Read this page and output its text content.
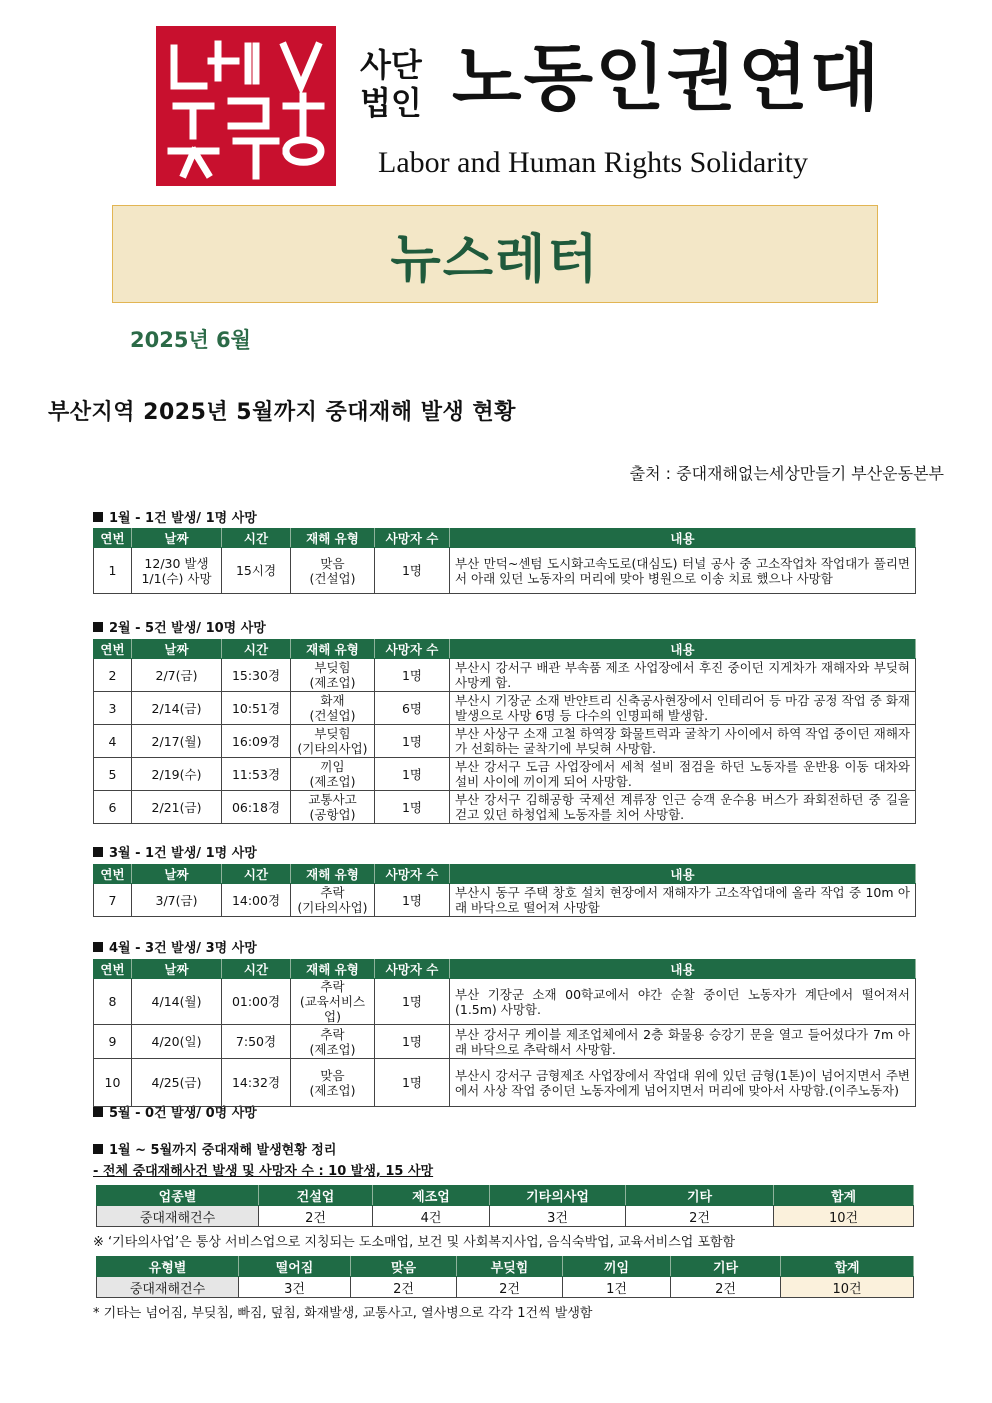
사단법인 노동인권연대
Labor and Human Rights Solidarity
뉴스레터
2025년 6월
부산지역 2025년 5월까지 중대재해 발생 현황
출처 : 중대재해없는세상만들기 부산운동본부
1월 - 1건 발생/ 1명 사망
2월 - 5건 발생/ 10명 사망
3월 - 1건 발생/ 1명 사망
4월 - 3건 발생/ 3명 사망
5월 - 0건 발생/ 0명 사망
연번	날짜	시간	재해 유형	사망자 수	내용
1	12/30 발생
1/1(수) 사망	15시경	맞음
(건설업)	1명	부산 만덕~센텀 도시화고속도로(대심도) 터널 공사 중 고소작업차 작업대가 풀리면서 아래 있던 노동자의 머리에 맞아 병원으로 이송 치료 했으나 사망함
연번	날짜	시간	재해 유형	사망자 수	내용
2	2/7(금)	15:30경	부딪힘
(제조업)	1명	부산시 강서구 배관 부속품 제조 사업장에서 후진 중이던 지게차가 재해자와 부딪혀 사망케 함.
3	2/14(금)	10:51경	화재
(건설업)	6명	부산시 기장군 소재 반얀트리 신축공사현장에서 인테리어 등 마감 공정 작업 중 화재 발생으로 사망 6명 등 다수의 인명피해 발생함.
4	2/17(월)	16:09경	부딪힘
(기타의사업)	1명	부산 사상구 소재 고철 하역장 화물트럭과 굴착기 사이에서 하역 작업 중이던 재해자가 선회하는 굴착기에 부딪혀 사망함.
5	2/19(수)	11:53경	끼임
(제조업)	1명	부산 강서구 도금 사업장에서 세척 설비 점검을 하던 노동자를 운반용 이동 대차와 설비 사이에 끼이게 되어 사망함.
6	2/21(금)	06:18경	교통사고
(공항업)	1명	부산 강서구 김해공항 국제선 계류장 인근 승객 운수용 버스가 좌회전하던 중 길을 걷고 있던 하청업체 노동자를 치어 사망함.
연번	날짜	시간	재해 유형	사망자 수	내용
7	3/7(금)	14:00경	추락
(기타의사업)	1명	부산시 동구 주택 창호 설치 현장에서 재해자가 고소작업대에 올라 작업 중 10m 아래 바닥으로 떨어져 사망함
연번	날짜	시간	재해 유형	사망자 수	내용
8	4/14(월)	01:00경	추락
(교육서비스업)	1명	부산 기장군 소재 00학교에서 야간 순찰 중이던 노동자가 계단에서 떨어져서(1.5m) 사망함.
9	4/20(일)	7:50경	추락
(제조업)	1명	부산 강서구 케이블 제조업체에서 2층 화물용 승강기 문을 열고 들어섰다가 7m 아래 바닥으로 추락해서 사망함.
10	4/25(금)	14:32경	맞음
(제조업)	1명	부산시 강서구 금형제조 사업장에서 작업대 위에 있던 금형(1톤)이 넘어지면서 주변에서 사상 작업 중이던 노동자에게 넘어지면서 머리에 맞아서 사망함.(이주노동자)
1월 ~ 5월까지 중대재해 발생현황 정리
- 전체 중대재해사건 발생 및 사망자 수 : 10 발생, 15 사망
업종별	건설업	제조업	기타의사업	기타	합계
중대재해건수	2건	4건	3건	2건	10건
※ ‘기타의사업’은 통상 서비스업으로 지칭되는 도소매업, 보건 및 사회복지사업, 음식숙박업, 교육서비스업 포함함
유형별	떨어짐	맞음	부딪힘	끼임	기타	합계
중대재해건수	3건	2건	2건	1건	2건	10건
* 기타는 넘어짐, 부딪침, 빠짐, 덮침, 화재발생, 교통사고, 열사병으로 각각 1건씩 발생함
